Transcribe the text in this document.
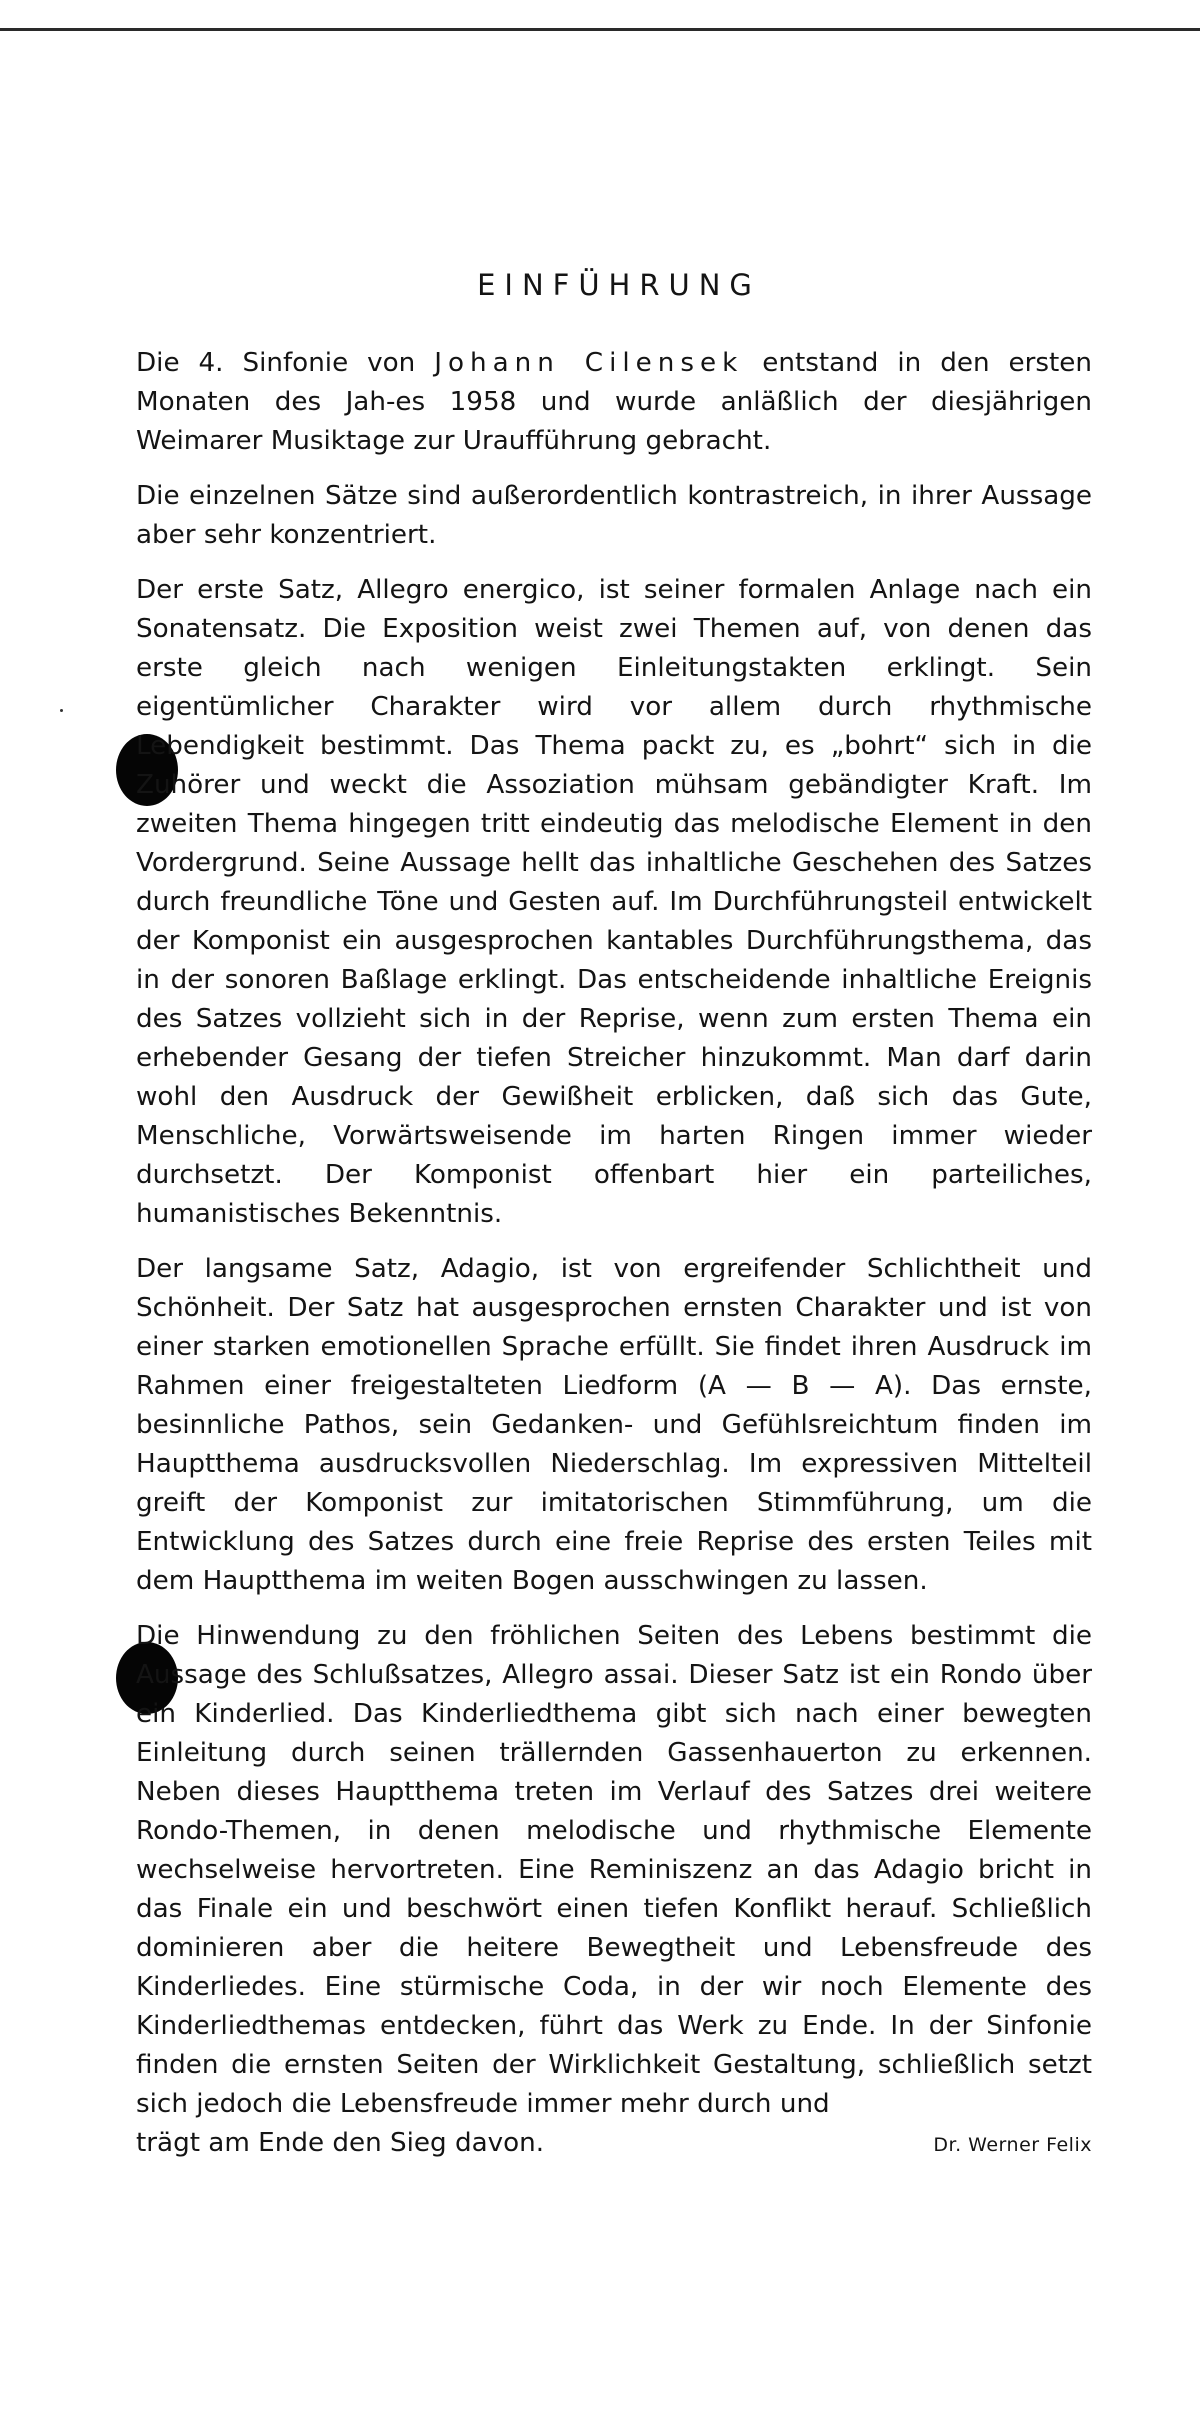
EINFÜHRUNG

Die 4. Sinfonie von Johann Cilensek entstand in den ersten Monaten des Jah-es 1958 und wurde anläßlich der diesjährigen Weimarer Musiktage zur Uraufführung gebracht.

Die einzelnen Sätze sind außerordentlich kontrastreich, in ihrer Aussage aber sehr konzentriert.

Der erste Satz, Allegro energico, ist seiner formalen Anlage nach ein Sonatensatz. Die Exposition weist zwei Themen auf, von denen das erste gleich nach wenigen Einleitungstakten erklingt. Sein eigentümlicher Charakter wird vor allem durch rhythmische Lebendigkeit bestimmt. Das Thema packt zu, es „bohrt“ sich in die Zuhörer und weckt die Assoziation mühsam gebändigter Kraft. Im zweiten Thema hingegen tritt eindeutig das melodische Element in den Vordergrund. Seine Aussage hellt das inhaltliche Geschehen des Satzes durch freundliche Töne und Gesten auf. Im Durchführungsteil entwickelt der Komponist ein ausgesprochen kantables Durchführungsthema, das in der sonoren Baßlage erklingt. Das entscheidende inhaltliche Ereignis des Satzes vollzieht sich in der Reprise, wenn zum ersten Thema ein erhebender Gesang der tiefen Streicher hinzukommt. Man darf darin wohl den Ausdruck der Gewißheit erblicken, daß sich das Gute, Menschliche, Vorwärtsweisende im harten Ringen immer wieder durchsetzt. Der Komponist offenbart hier ein parteiliches, humanistisches Bekenntnis.

Der langsame Satz, Adagio, ist von ergreifender Schlichtheit und Schönheit. Der Satz hat ausgesprochen ernsten Charakter und ist von einer starken emotionellen Sprache erfüllt. Sie findet ihren Ausdruck im Rahmen einer freigestalteten Liedform (A — B — A). Das ernste, besinnliche Pathos, sein Gedanken- und Gefühlsreichtum finden im Hauptthema ausdrucksvollen Niederschlag. Im expressiven Mittelteil greift der Komponist zur imitatorischen Stimmführung, um die Entwicklung des Satzes durch eine freie Reprise des ersten Teiles mit dem Hauptthema im weiten Bogen ausschwingen zu lassen.

Die Hinwendung zu den fröhlichen Seiten des Lebens bestimmt die Aussage des Schlußsatzes, Allegro assai. Dieser Satz ist ein Rondo über ein Kinderlied. Das Kinderliedthema gibt sich nach einer bewegten Einleitung durch seinen trällernden Gassenhauerton zu erkennen. Neben dieses Hauptthema treten im Verlauf des Satzes drei weitere Rondo-Themen, in denen melodische und rhythmische Elemente wechselweise hervortreten. Eine Reminiszenz an das Adagio bricht in das Finale ein und beschwört einen tiefen Konflikt herauf. Schließlich dominieren aber die heitere Bewegtheit und Lebensfreude des Kinderliedes. Eine stürmische Coda, in der wir noch Elemente des Kinderliedthemas entdecken, führt das Werk zu Ende. In der Sinfonie finden die ernsten Seiten der Wirklichkeit Gestaltung, schließlich setzt sich jedoch die Lebensfreude immer mehr durch und

trägt am Ende den Sieg davon.	Dr. Werner Felix
